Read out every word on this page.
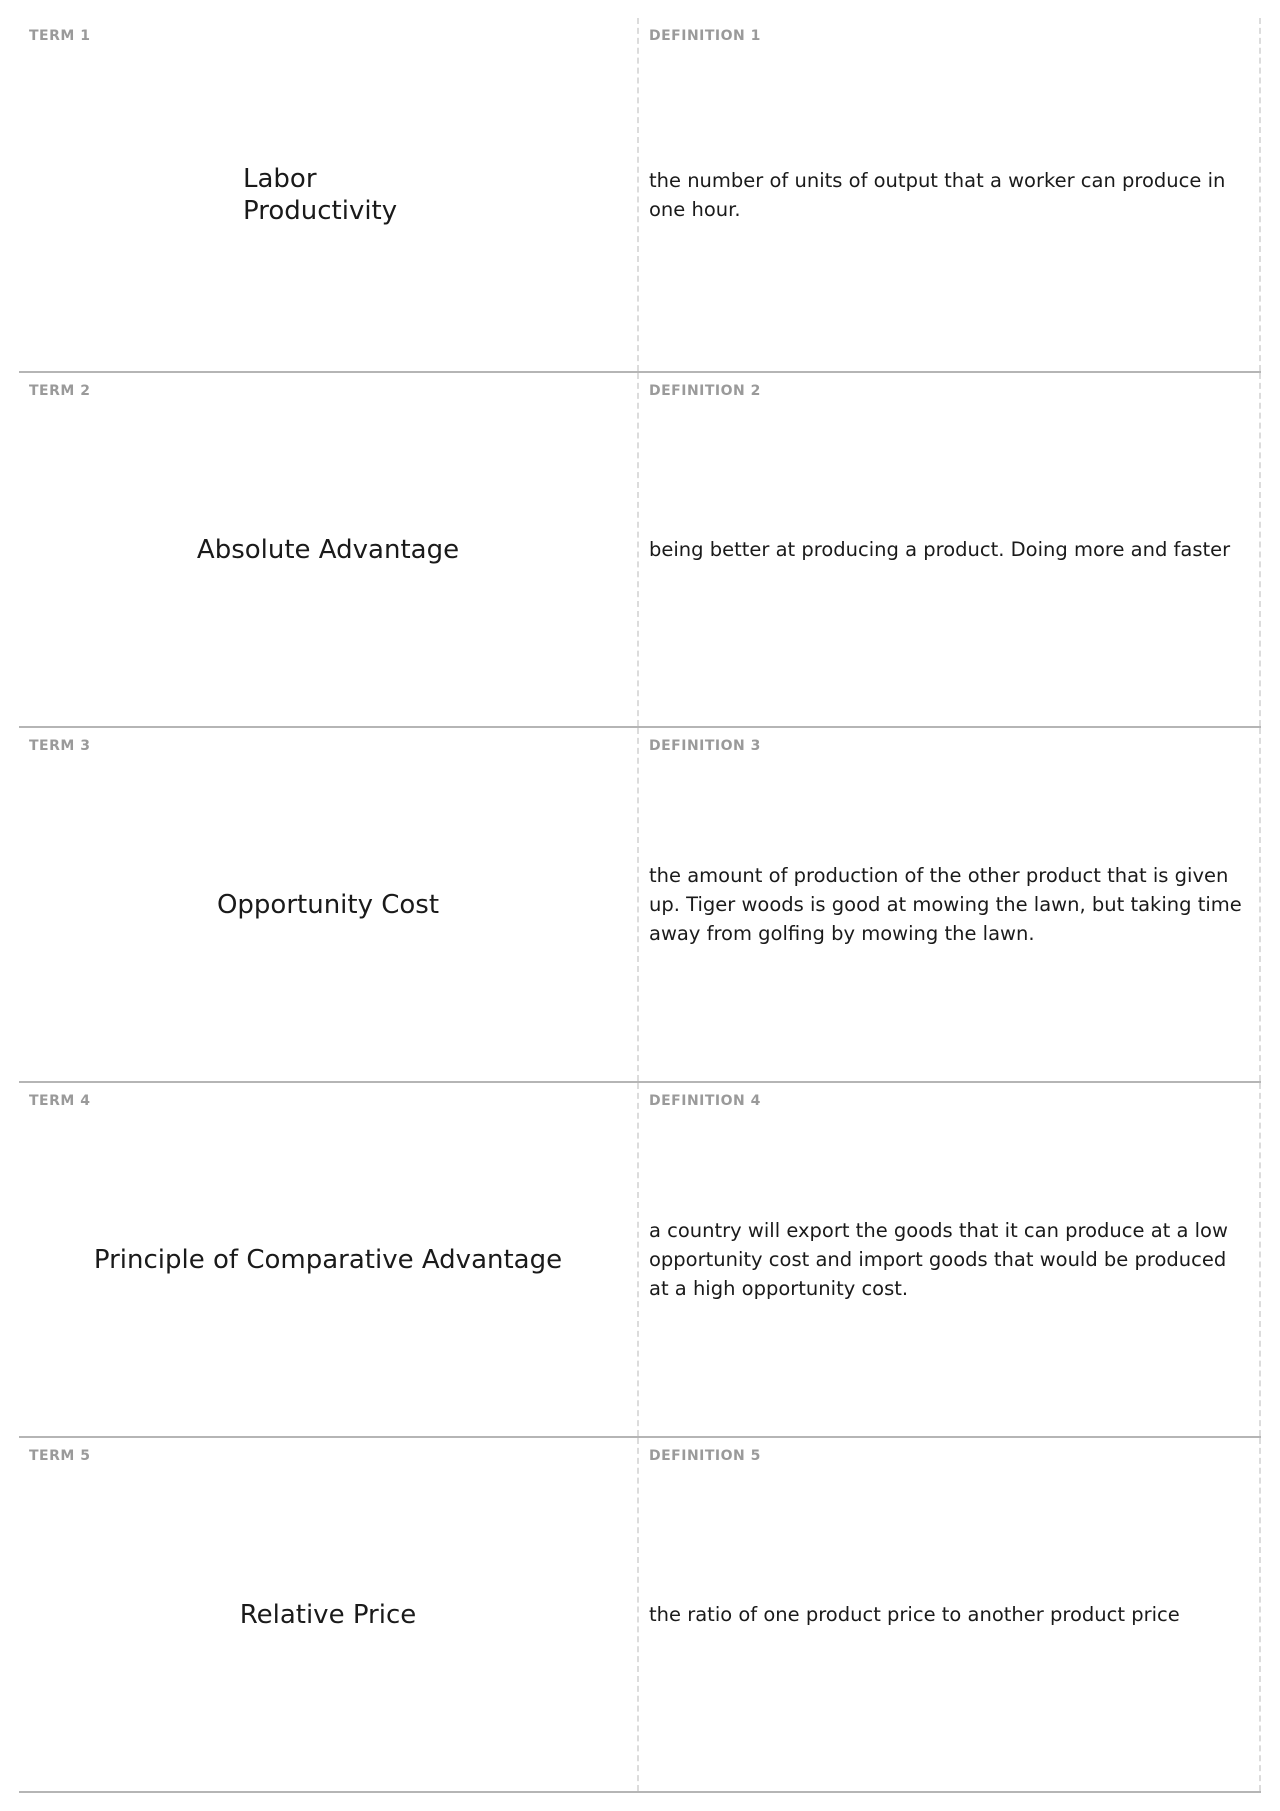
TERM 1
Labor Productivity
DEFINITION 1
the number of units of output that a worker can produce in one hour.
TERM 2
Absolute Advantage
DEFINITION 2
being better at producing a product. Doing more and faster
TERM 3
Opportunity Cost
DEFINITION 3
the amount of production of the other product that is given up. Tiger woods is good at mowing the lawn, but taking time away from golfing by mowing the lawn.
TERM 4
Principle of Comparative Advantage
DEFINITION 4
a country will export the goods that it can produce at a low opportunity cost and import goods that would be produced at a high opportunity cost.
TERM 5
Relative Price
DEFINITION 5
the ratio of one product price to another product price
